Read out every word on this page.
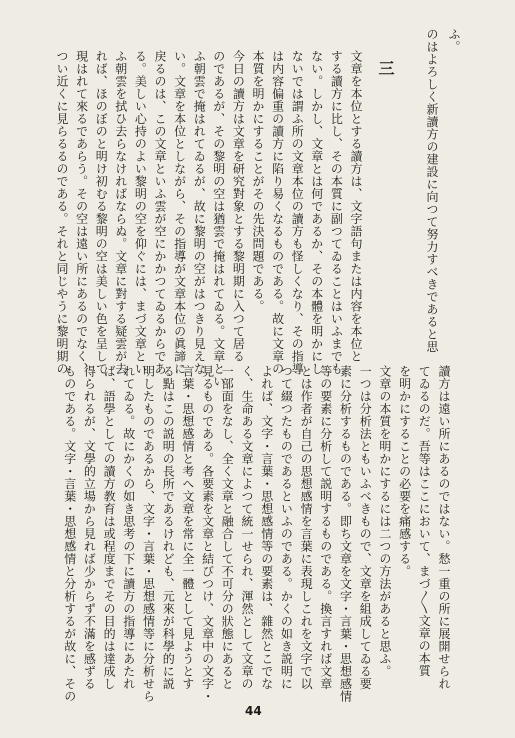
ふ。
のはよろしく新讀方の建設に向つて努力すべきであると思
三
文章を本位とする讀方は、文字語句または内容を本位と
する讀方に比し、その本質に副つてゐることはいふまでも
ない。しかし、文章とは何であるか、その本體を明かにし
ないでは謂ふ所の文章本位の讀方も怪しくなり、その指導
は内容偏重の讀方に陷り易くなるものである。故に文章の
本質を明かにすることがその先決問題である。
今日の讀方は文章を研究對象とする黎明期に入つて居る
のであるが、その黎明の空は猶雲で掩はれてゐる。文章とい
ふ朝雲で掩はれてゐるが、故に黎明の空がはつきり見えな
い。文章を本位としながら、その指導が文章本位の眞諦に
戻るのは、この文章といふ雲が空にかかつてゐるからであ
る。美しい心持のよい黎明の空を仰ぐには、まづ文章とい
ふ朝雲を拭ひ去らなければならぬ。文章に對する疑雲が去
れば、ほのぼのと明け初むる黎明の空は美しい色を呈して
現はれて來るであらう。その空は遠い所にあるのでなく、
つい近くに見らるるのである。それと同じやうに黎明期の
讀方は遠い所にあるのではない。愁一重の所に展開せられ
てゐるのだ。吾等はここにおいて、まづ〳〵文章の本質
を明かにすることの必要を痛感する。
文章の本質を明かにするには二つの方法があると思ふ。
一つは分析法ともいふべきもので、文章を組成してゐる要
素に分析するものである。即ち文章を文字・言葉・思想感情
等の要素に分析して説明するものである。換言すれば文章
とは作者が自己の思想感情を言葉に表現しこれを文字で以
つて綴つたものであるといふのである。かくの如き説明に
よれば、文字・言葉・思想感情等の要素は、雜然とこでな
く、生命ある文章によつて統一せられ、渾然として文章の
一部面をなし、全く文章と融合して不可分の狀態にあると
見るものである。各要素を文章と結びつけ、文章中の文字・
言葉・思想感情と考へ文章を常に全一體として見ようとす
る點はこの説明の長所であるけれども、元來が科學的に説
明したものであるから、文字・言葉・思想感情等に分析せら
れてゐる。故にかくの如き思考の下に讀方の指導にあたれ
ば、語學としての讀方教育は或程度までその目的は達成し
得られるが、文學的立場から見れば少からず不滿を感ずる
ものである。文字・言葉・思想感情と分析するが故に、その
44
